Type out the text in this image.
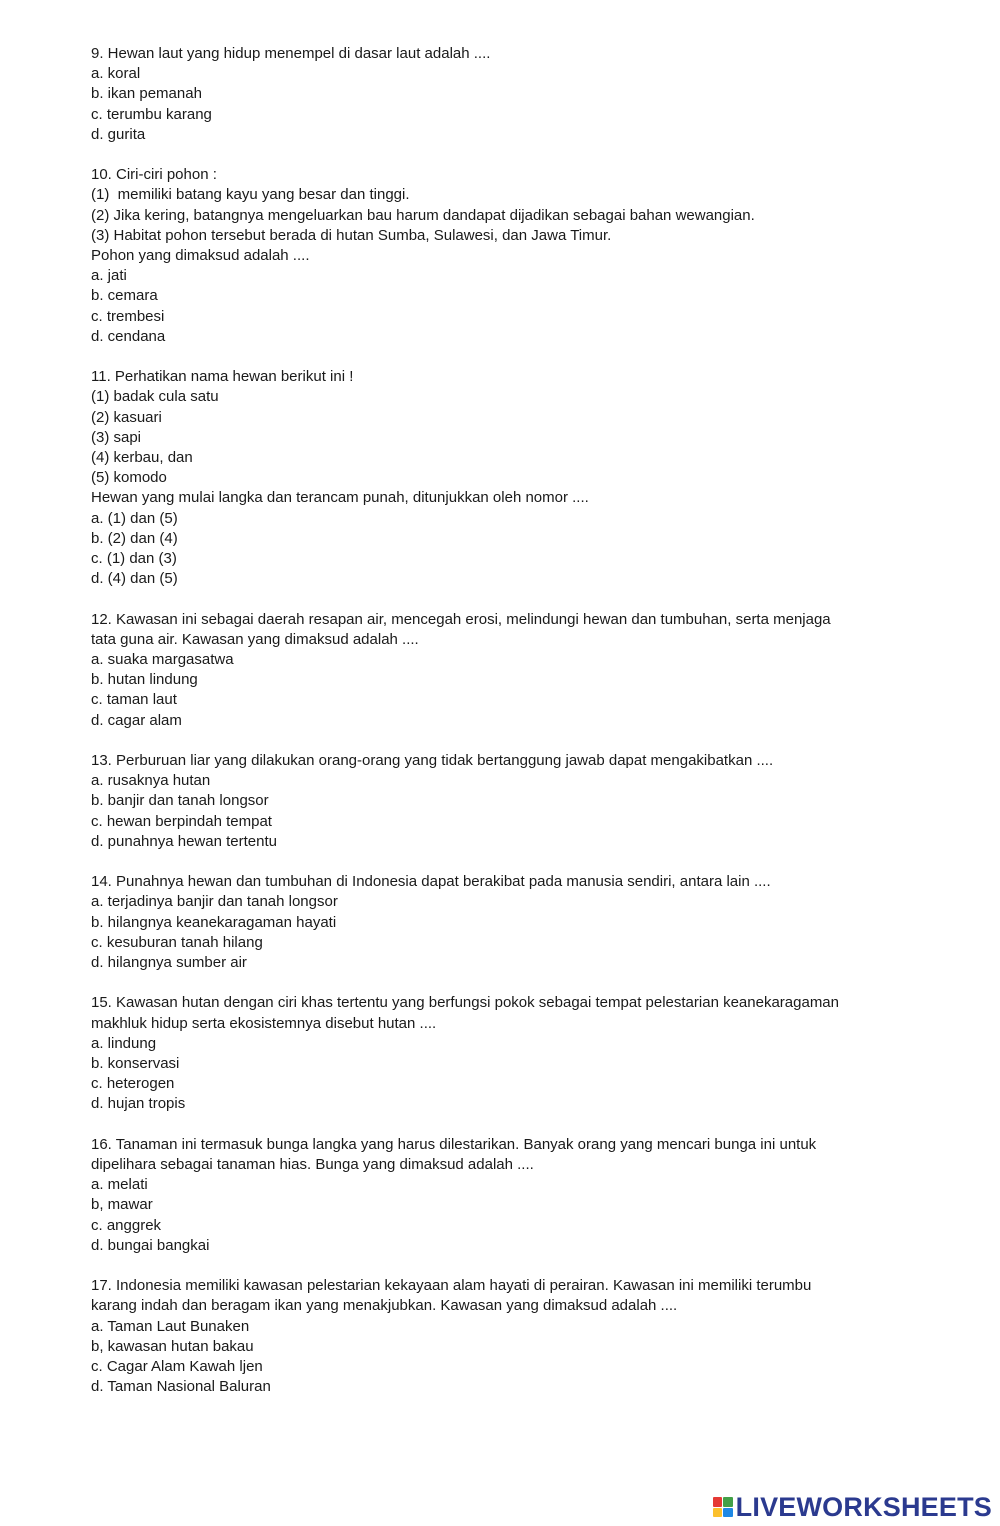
9. Hewan laut yang hidup menempel di dasar laut adalah ....
a. koral
b. ikan pemanah
c. terumbu karang
d. gurita
10. Ciri-ciri pohon :
(1)  memiliki batang kayu yang besar dan tinggi.
(2) Jika kering, batangnya mengeluarkan bau harum dandapat dijadikan sebagai bahan wewangian.
(3) Habitat pohon tersebut berada di hutan Sumba, Sulawesi, dan Jawa Timur.
Pohon yang dimaksud adalah ....
a. jati
b. cemara
c. trembesi
d. cendana
11. Perhatikan nama hewan berikut ini !
(1) badak cula satu
(2) kasuari
(3) sapi
(4) kerbau, dan
(5) komodo
Hewan yang mulai langka dan terancam punah, ditunjukkan oleh nomor ....
a. (1) dan (5)
b. (2) dan (4)
c. (1) dan (3)
d. (4) dan (5)
12. Kawasan ini sebagai daerah resapan air, mencegah erosi, melindungi hewan dan tumbuhan, serta menjaga
tata guna air. Kawasan yang dimaksud adalah ....
a. suaka margasatwa
b. hutan lindung
c. taman laut
d. cagar alam
13. Perburuan liar yang dilakukan orang-orang yang tidak bertanggung jawab dapat mengakibatkan ....
a. rusaknya hutan
b. banjir dan tanah longsor
c. hewan berpindah tempat
d. punahnya hewan tertentu
14. Punahnya hewan dan tumbuhan di Indonesia dapat berakibat pada manusia sendiri, antara lain ....
a. terjadinya banjir dan tanah longsor
b. hilangnya keanekaragaman hayati
c. kesuburan tanah hilang
d. hilangnya sumber air
15. Kawasan hutan dengan ciri khas tertentu yang berfungsi pokok sebagai tempat pelestarian keanekaragaman
makhluk hidup serta ekosistemnya disebut hutan ....
a. lindung
b. konservasi
c. heterogen
d. hujan tropis
16. Tanaman ini termasuk bunga langka yang harus dilestarikan. Banyak orang yang mencari bunga ini untuk
dipelihara sebagai tanaman hias. Bunga yang dimaksud adalah ....
a. melati
b, mawar
c. anggrek
d. bungai bangkai
17. Indonesia memiliki kawasan pelestarian kekayaan alam hayati di perairan. Kawasan ini memiliki terumbu
karang indah dan beragam ikan yang menakjubkan. Kawasan yang dimaksud adalah ....
a. Taman Laut Bunaken
b, kawasan hutan bakau
c. Cagar Alam Kawah ljen
d. Taman Nasional Baluran
LIVEWORKSHEETS
